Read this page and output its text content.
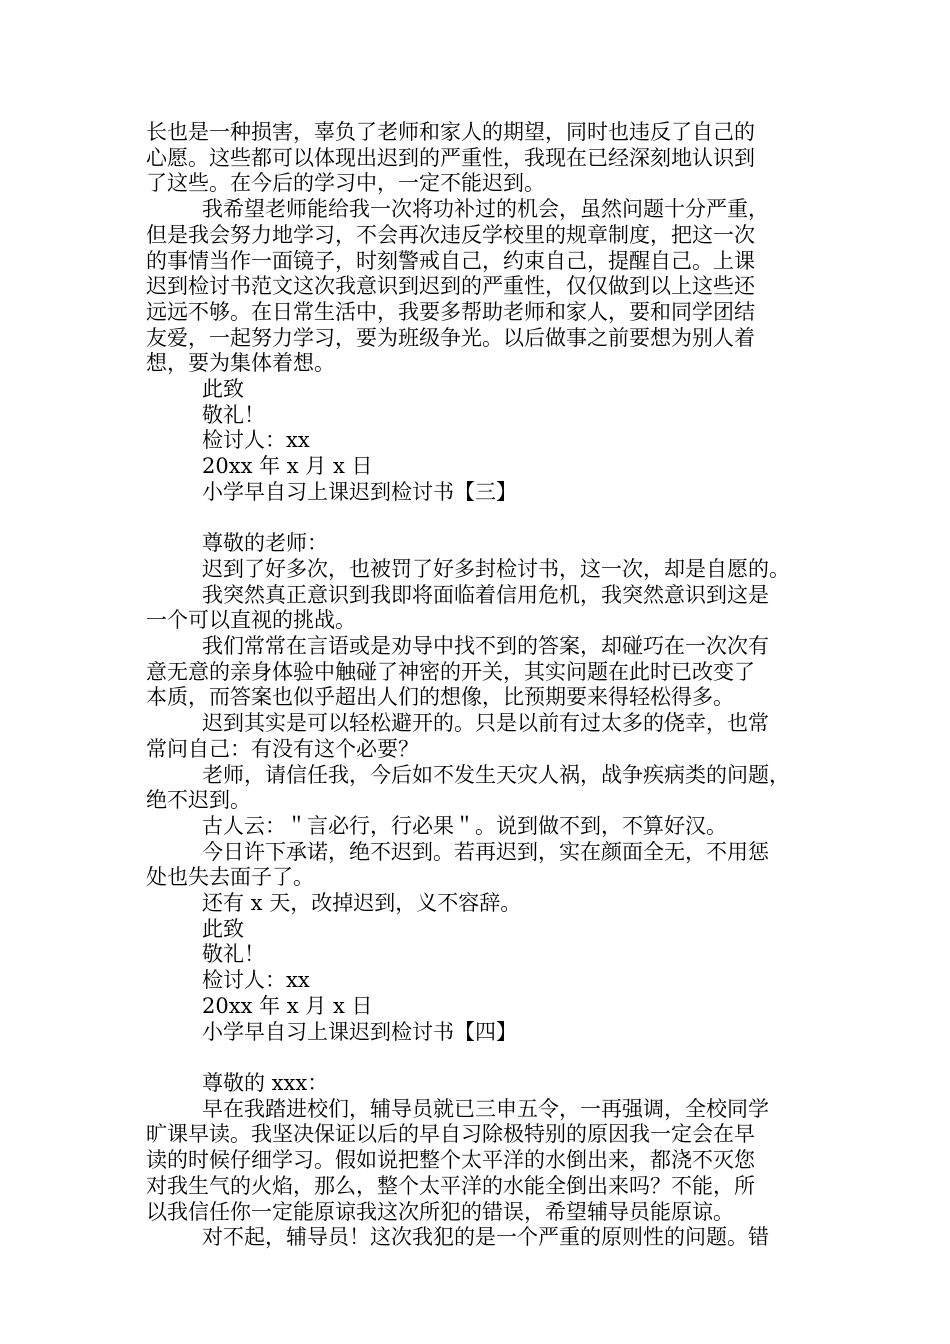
长也是一种损害，辜负了老师和家人的期望，同时也违反了自己的
心愿。这些都可以体现出迟到的严重性，我现在已经深刻地认识到
了这些。在今后的学习中，一定不能迟到。

我希望老师能给我一次将功补过的机会，虽然问题十分严重，
但是我会努力地学习，不会再次违反学校里的规章制度，把这一次
的事情当作一面镜子，时刻警戒自己，约束自己，提醒自己。上课
迟到检讨书范文这次我意识到迟到的严重性，仅仅做到以上这些还
远远不够。在日常生活中，我要多帮助老师和家人，要和同学团结
友爱，一起努力学习，要为班级争光。以后做事之前要想为别人着
想，要为集体着想。

此致
敬礼！
检讨人：xx
20xx 年 x 月 x 日
小学早自习上课迟到检讨书【三】
尊敬的老师：

迟到了好多次，也被罚了好多封检讨书，这一次，却是自愿的。

我突然真正意识到我即将面临着信用危机，我突然意识到这是
一个可以直视的挑战。

我们常常在言语或是劝导中找不到的答案，却碰巧在一次次有
意无意的亲身体验中触碰了神密的开关，其实问题在此时已改变了
本质，而答案也似乎超出人们的想像，比预期要来得轻松得多。

迟到其实是可以轻松避开的。只是以前有过太多的侥幸，也常
常问自己：有没有这个必要？

老师，请信任我，今后如不发生天灾人祸，战争疾病类的问题，
绝不迟到。

古人云：＂言必行，行必果＂。说到做不到，不算好汉。

今日许下承诺，绝不迟到。若再迟到，实在颜面全无，不用惩
处也失去面子了。

还有 x 天，改掉迟到，义不容辞。

此致
敬礼！
检讨人：xx
20xx 年 x 月 x 日
小学早自习上课迟到检讨书【四】
尊敬的 xxx：

早在我踏进校们，辅导员就已三申五令，一再强调，全校同学
旷课早读。我坚决保证以后的早自习除极特别的原因我一定会在早
读的时候仔细学习。假如说把整个太平洋的水倒出来，都浇不灭您
对我生气的火焰，那么，整个太平洋的水能全倒出来吗？不能，所
以我信任你一定能原谅我这次所犯的错误，希望辅导员能原谅。

对不起，辅导员！这次我犯的是一个严重的原则性的问题。错
